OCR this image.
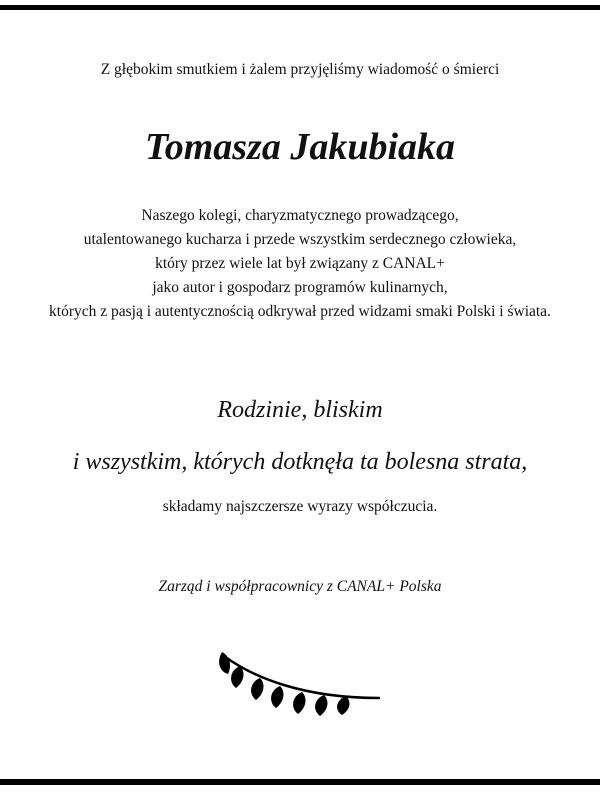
Z głębokim smutkiem i żalem przyjęliśmy wiadomość o śmierci
Tomasza Jakubiaka
Naszego kolegi, charyzmatycznego prowadzącego,
utalentowanego kucharza i przede wszystkim serdecznego człowieka,
który przez wiele lat był związany z CANAL+
jako autor i gospodarz programów kulinarnych,
których z pasją i autentycznością odkrywał przed widzami smaki Polski i świata.
Rodzinie, bliskim
i wszystkim, których dotknęła ta bolesna strata,
składamy najszczersze wyrazy współczucia.
Zarząd i współpracownicy z CANAL+ Polska
